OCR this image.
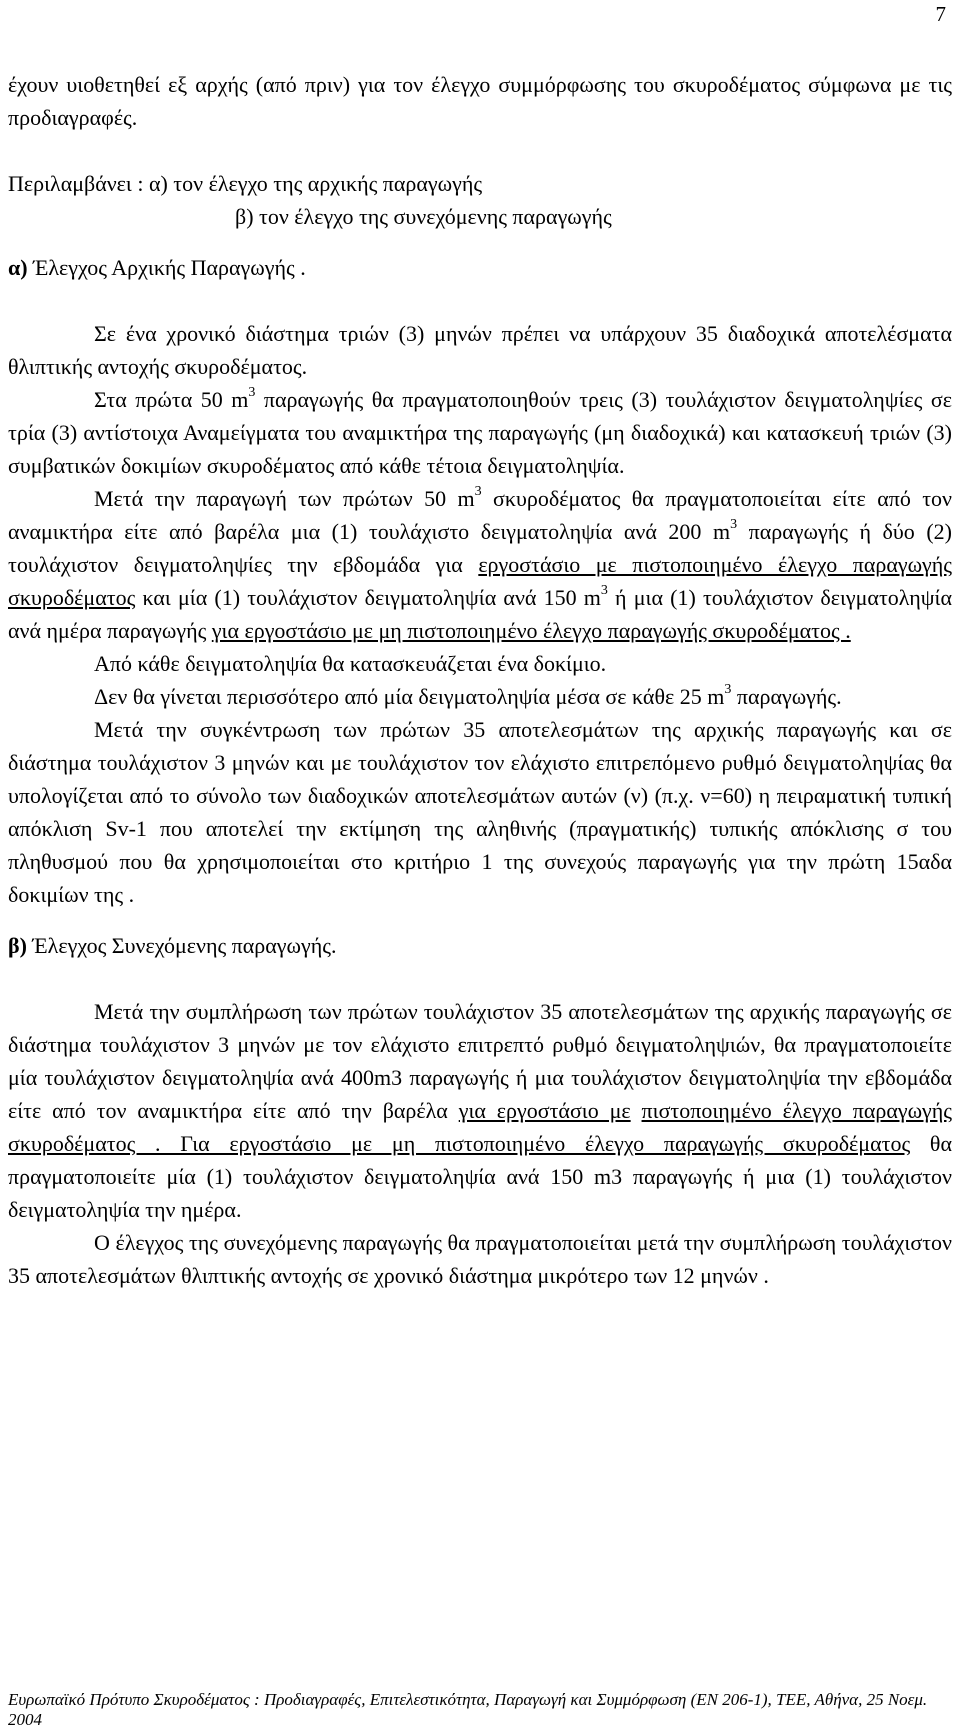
7

έχουν υιοθετηθεί εξ αρχής (από πριν) για τον έλεγχο συμμόρφωσης του σκυροδέματος σύμφωνα με τις προδιαγραφές.

Περιλαμβάνει : α) τον έλεγχο της αρχικής παραγωγής

β) τον έλεγχο της συνεχόμενης παραγωγής

α) Έλεγχος Αρχικής Παραγωγής .

Σε ένα χρονικό διάστημα τριών (3) μηνών πρέπει να υπάρχουν 35 διαδοχικά αποτελέσματα θλιπτικής αντοχής σκυροδέματος.

Στα πρώτα 50 $m^3$ παραγωγής θα πραγματοποιηθούν τρεις (3) τουλάχιστον δειγματοληψίες σε τρία (3) αντίστοιχα Αναμείγματα του αναμικτήρα της παραγωγής (μη διαδοχικά) και κατασκευή τριών (3) συμβατικών δοκιμίων σκυροδέματος από κάθε τέτοια δειγματοληψία.

Μετά την παραγωγή των πρώτων 50 $m^3$ σκυροδέματος θα πραγματοποιείται είτε από τον αναμικτήρα είτε από βαρέλα μια (1) τουλάχιστο δειγματοληψία ανά 200 $m^3$ παραγωγής ή δύο (2) τουλάχιστον δειγματοληψίες την εβδομάδα για εργοστάσιο με πιστοποιημένο έλεγχο παραγωγής σκυροδέματος και μία (1) τουλάχιστον δειγματοληψία ανά 150 $m^3$ ή μια (1) τουλάχιστον δειγματοληψία ανά ημέρα παραγωγής για εργοστάσιο με μη πιστοποιημένο έλεγχο παραγωγής σκυροδέματος .

Από κάθε δειγματοληψία θα κατασκευάζεται ένα δοκίμιο.

Δεν θα γίνεται περισσότερο από μία δειγματοληψία μέσα σε κάθε 25 $m^3$ παραγωγής.

Μετά την συγκέντρωση των πρώτων 35 αποτελεσμάτων της αρχικής παραγωγής και σε διάστημα τουλάχιστον 3 μηνών και με τουλάχιστον τον ελάχιστο επιτρεπόμενο ρυθμό δειγματοληψίας θα υπολογίζεται από το σύνολο των διαδοχικών αποτελεσμάτων αυτών (ν) (π.χ. ν=60) η πειραματική τυπική απόκλιση Sv-1 που αποτελεί την εκτίμηση της αληθινής (πραγματικής) τυπικής απόκλισης σ του πληθυσμού που θα χρησιμοποιείται στο κριτήριο 1 της συνεχούς παραγωγής για την πρώτη 15αδα δοκιμίων της .

β) Έλεγχος Συνεχόμενης παραγωγής.

Μετά την συμπλήρωση των πρώτων τουλάχιστον 35 αποτελεσμάτων της αρχικής παραγωγής σε διάστημα τουλάχιστον 3 μηνών με τον ελάχιστο επιτρεπτό ρυθμό δειγματοληψιών, θα πραγματοποιείτε μία τουλάχιστον δειγματοληψία ανά 400m3 παραγωγής ή μια τουλάχιστον δειγματοληψία την εβδομάδα είτε από τον αναμικτήρα είτε από την βαρέλα για εργοστάσιο με πιστοποιημένο έλεγχο παραγωγής σκυροδέματος . Για εργοστάσιο με μη πιστοποιημένο έλεγχο παραγωγής σκυροδέματος θα πραγματοποιείτε μία (1) τουλάχιστον δειγματοληψία ανά 150 m3 παραγωγής ή μια (1) τουλάχιστον δειγματοληψία την ημέρα.

Ο έλεγχος της συνεχόμενης παραγωγής θα πραγματοποιείται μετά την συμπλήρωση τουλάχιστον 35 αποτελεσμάτων θλιπτικής αντοχής σε χρονικό διάστημα μικρότερο των 12 μηνών .

Ευρωπαϊκό Πρότυπο Σκυροδέματος : Προδιαγραφές, Επιτελεστικότητα, Παραγωγή και Συμμόρφωση (ΕΝ 206-1), ΤΕΕ, Αθήνα, 25 Νοεμ. 2004
